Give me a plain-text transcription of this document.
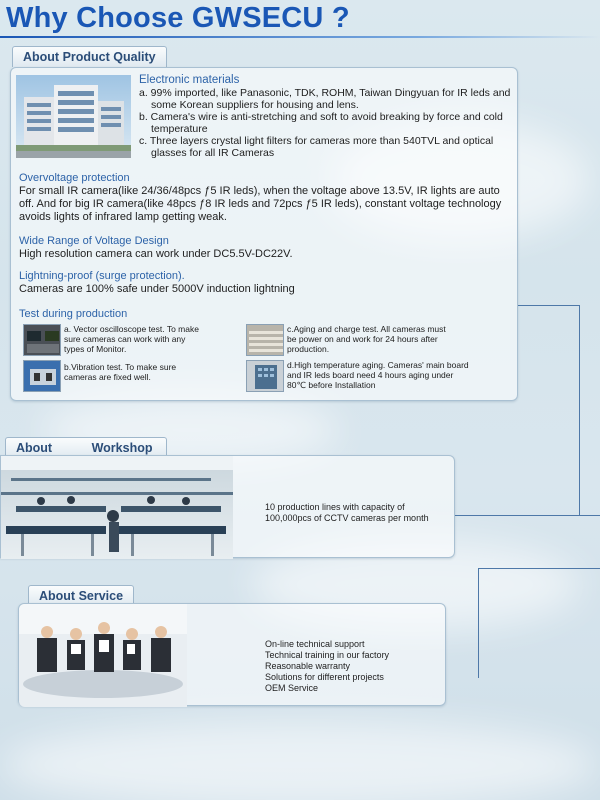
Why Choose GWSECU ?
About Product Quality
Electronic materials
a. 99% imported, like Panasonic, TDK, ROHM, Taiwan Dingyuan for IR leds and some Korean suppliers for housing and lens.
b. Camera's wire is anti-stretching and soft to avoid breaking by force and cold temperature
c. Three layers crystal light filters for cameras more than 540TVL and optical glasses for all IR Cameras
Overvoltage protection
For small IR camera(like 24/36/48pcs ƒ5 IR leds), when the voltage above 13.5V, IR lights are auto off. And for big IR camera(like 48pcs ƒ8 IR leds and 72pcs ƒ5 IR leds), constant voltage technology avoids lights of infrared lamp getting weak.
Wide Range of Voltage Design
High resolution camera can work under DC5.5V-DC22V.
Lightning-proof (surge protection).
Cameras are 100% safe under 5000V induction lightning
Test during production
a. Vector oscilloscope test. To make sure cameras can work with any types of Monitor.
b.Vibration test. To make sure cameras are fixed well.
c.Aging and charge test. All cameras must be power on and work for 24 hours after production.
d.High temperature aging. Cameras' main board and IR leds board need 4 hours aging under 80℃ before Installation
About	Workshop
10 production lines with capacity of 100,000pcs of CCTV cameras per month
About Service
On-line technical support
Technical training in our factory
Reasonable warranty
Solutions for different projects
OEM Service
